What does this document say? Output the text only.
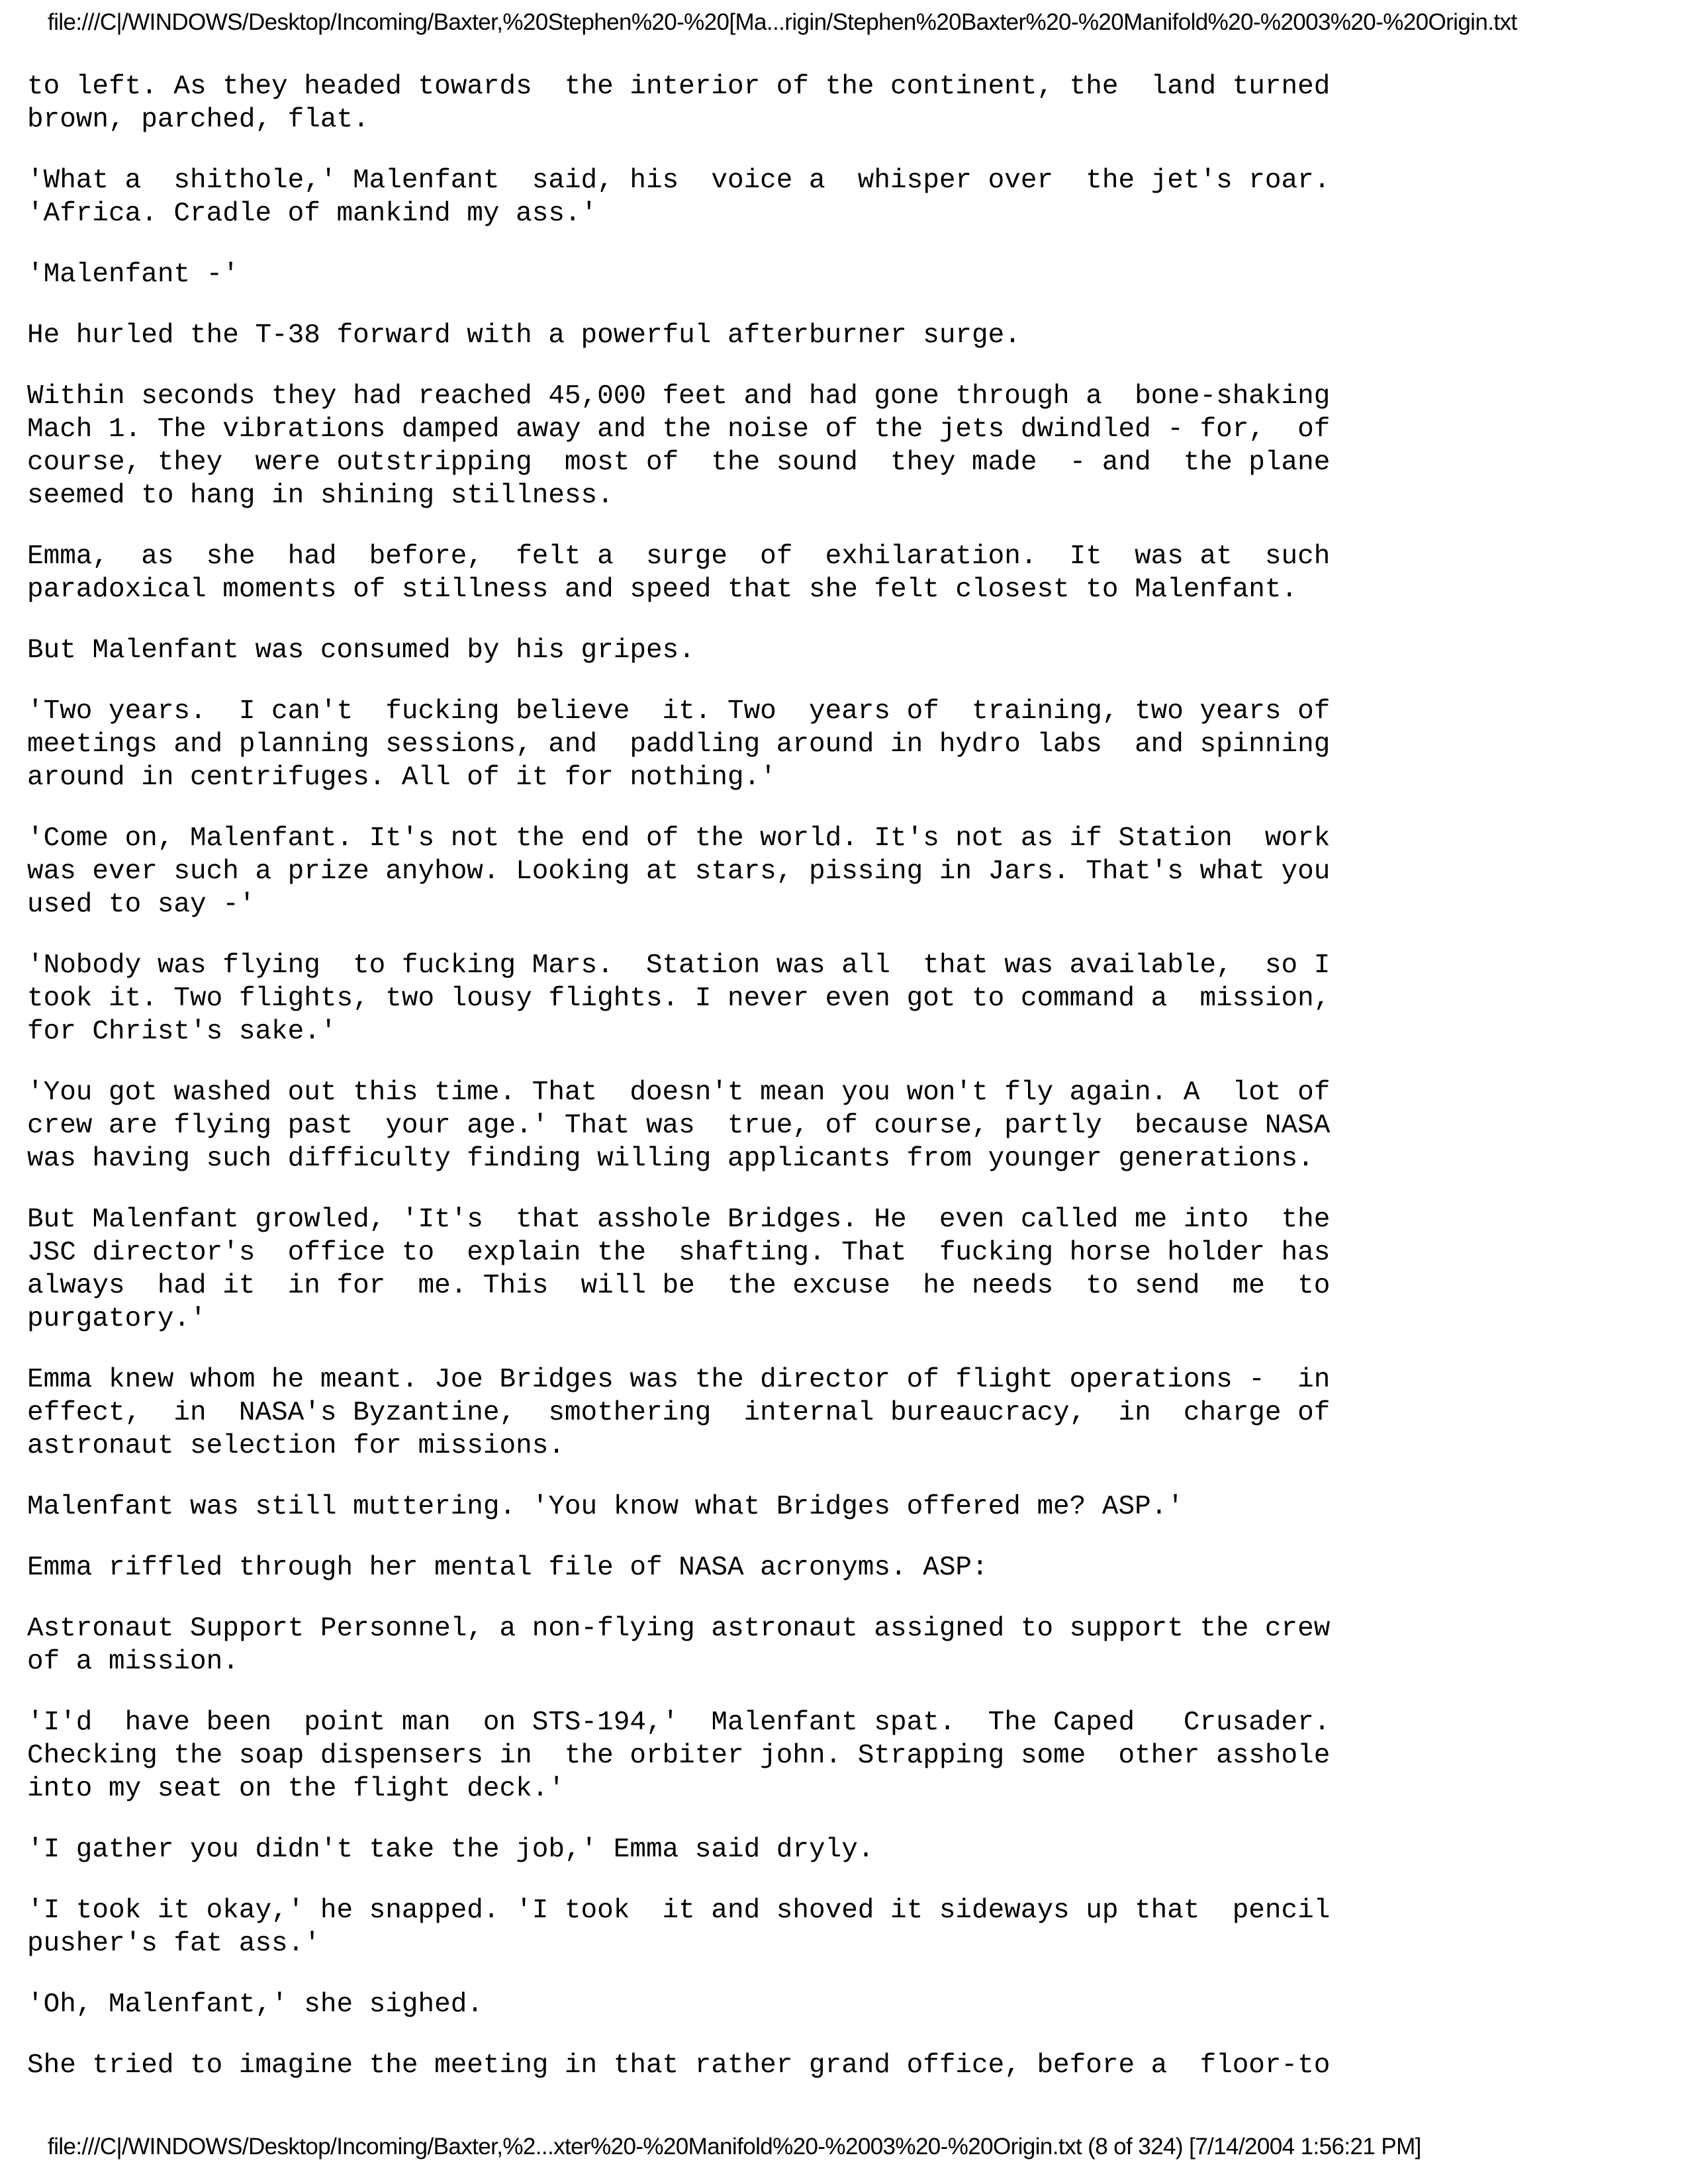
file:///C|/WINDOWS/Desktop/Incoming/Baxter,%20Stephen%20-%20[Ma...rigin/Stephen%20Baxter%20-%20Manifold%20-%2003%20-%20Origin.txt

to left. As they headed towards  the interior of the continent, the  land turned
brown, parched, flat.

'What a  shithole,' Malenfant  said, his  voice a  whisper over  the jet's roar.
'Africa. Cradle of mankind my ass.'

'Malenfant -'

He hurled the T-38 forward with a powerful afterburner surge.

Within seconds they had reached 45,000 feet and had gone through a  bone-shaking
Mach 1. The vibrations damped away and the noise of the jets dwindled - for,  of
course, they  were outstripping  most of  the sound  they made  - and  the plane
seemed to hang in shining stillness.

Emma,  as  she  had  before,  felt a  surge  of  exhilaration.  It  was at  such
paradoxical moments of stillness and speed that she felt closest to Malenfant.

But Malenfant was consumed by his gripes.

'Two years.  I can't  fucking believe  it. Two  years of  training, two years of
meetings and planning sessions, and  paddling around in hydro labs  and spinning
around in centrifuges. All of it for nothing.'

'Come on, Malenfant. It's not the end of the world. It's not as if Station  work
was ever such a prize anyhow. Looking at stars, pissing in Jars. That's what you
used to say -'

'Nobody was flying  to fucking Mars.  Station was all  that was available,  so I
took it. Two flights, two lousy flights. I never even got to command a  mission,
for Christ's sake.'

'You got washed out this time. That  doesn't mean you won't fly again. A  lot of
crew are flying past  your age.' That was  true, of course, partly  because NASA
was having such difficulty finding willing applicants from younger generations.

But Malenfant growled, 'It's  that asshole Bridges. He  even called me into  the
JSC director's  office to  explain the  shafting. That  fucking horse holder has
always  had it  in for  me. This  will be  the excuse  he needs  to send  me  to
purgatory.'

Emma knew whom he meant. Joe Bridges was the director of flight operations -  in
effect,  in  NASA's Byzantine,  smothering  internal bureaucracy,  in  charge of
astronaut selection for missions.

Malenfant was still muttering. 'You know what Bridges offered me? ASP.'

Emma riffled through her mental file of NASA acronyms. ASP:

Astronaut Support Personnel, a non-flying astronaut assigned to support the crew
of a mission.

'I'd  have been  point man  on STS-194,'  Malenfant spat.  The Caped   Crusader.
Checking the soap dispensers in  the orbiter john. Strapping some  other asshole
into my seat on the flight deck.'

'I gather you didn't take the job,' Emma said dryly.

'I took it okay,' he snapped. 'I took  it and shoved it sideways up that  pencil
pusher's fat ass.'

'Oh, Malenfant,' she sighed.

She tried to imagine the meeting in that rather grand office, before a  floor-to

file:///C|/WINDOWS/Desktop/Incoming/Baxter,%2...xter%20-%20Manifold%20-%2003%20-%20Origin.txt (8 of 324) [7/14/2004 1:56:21 PM]
